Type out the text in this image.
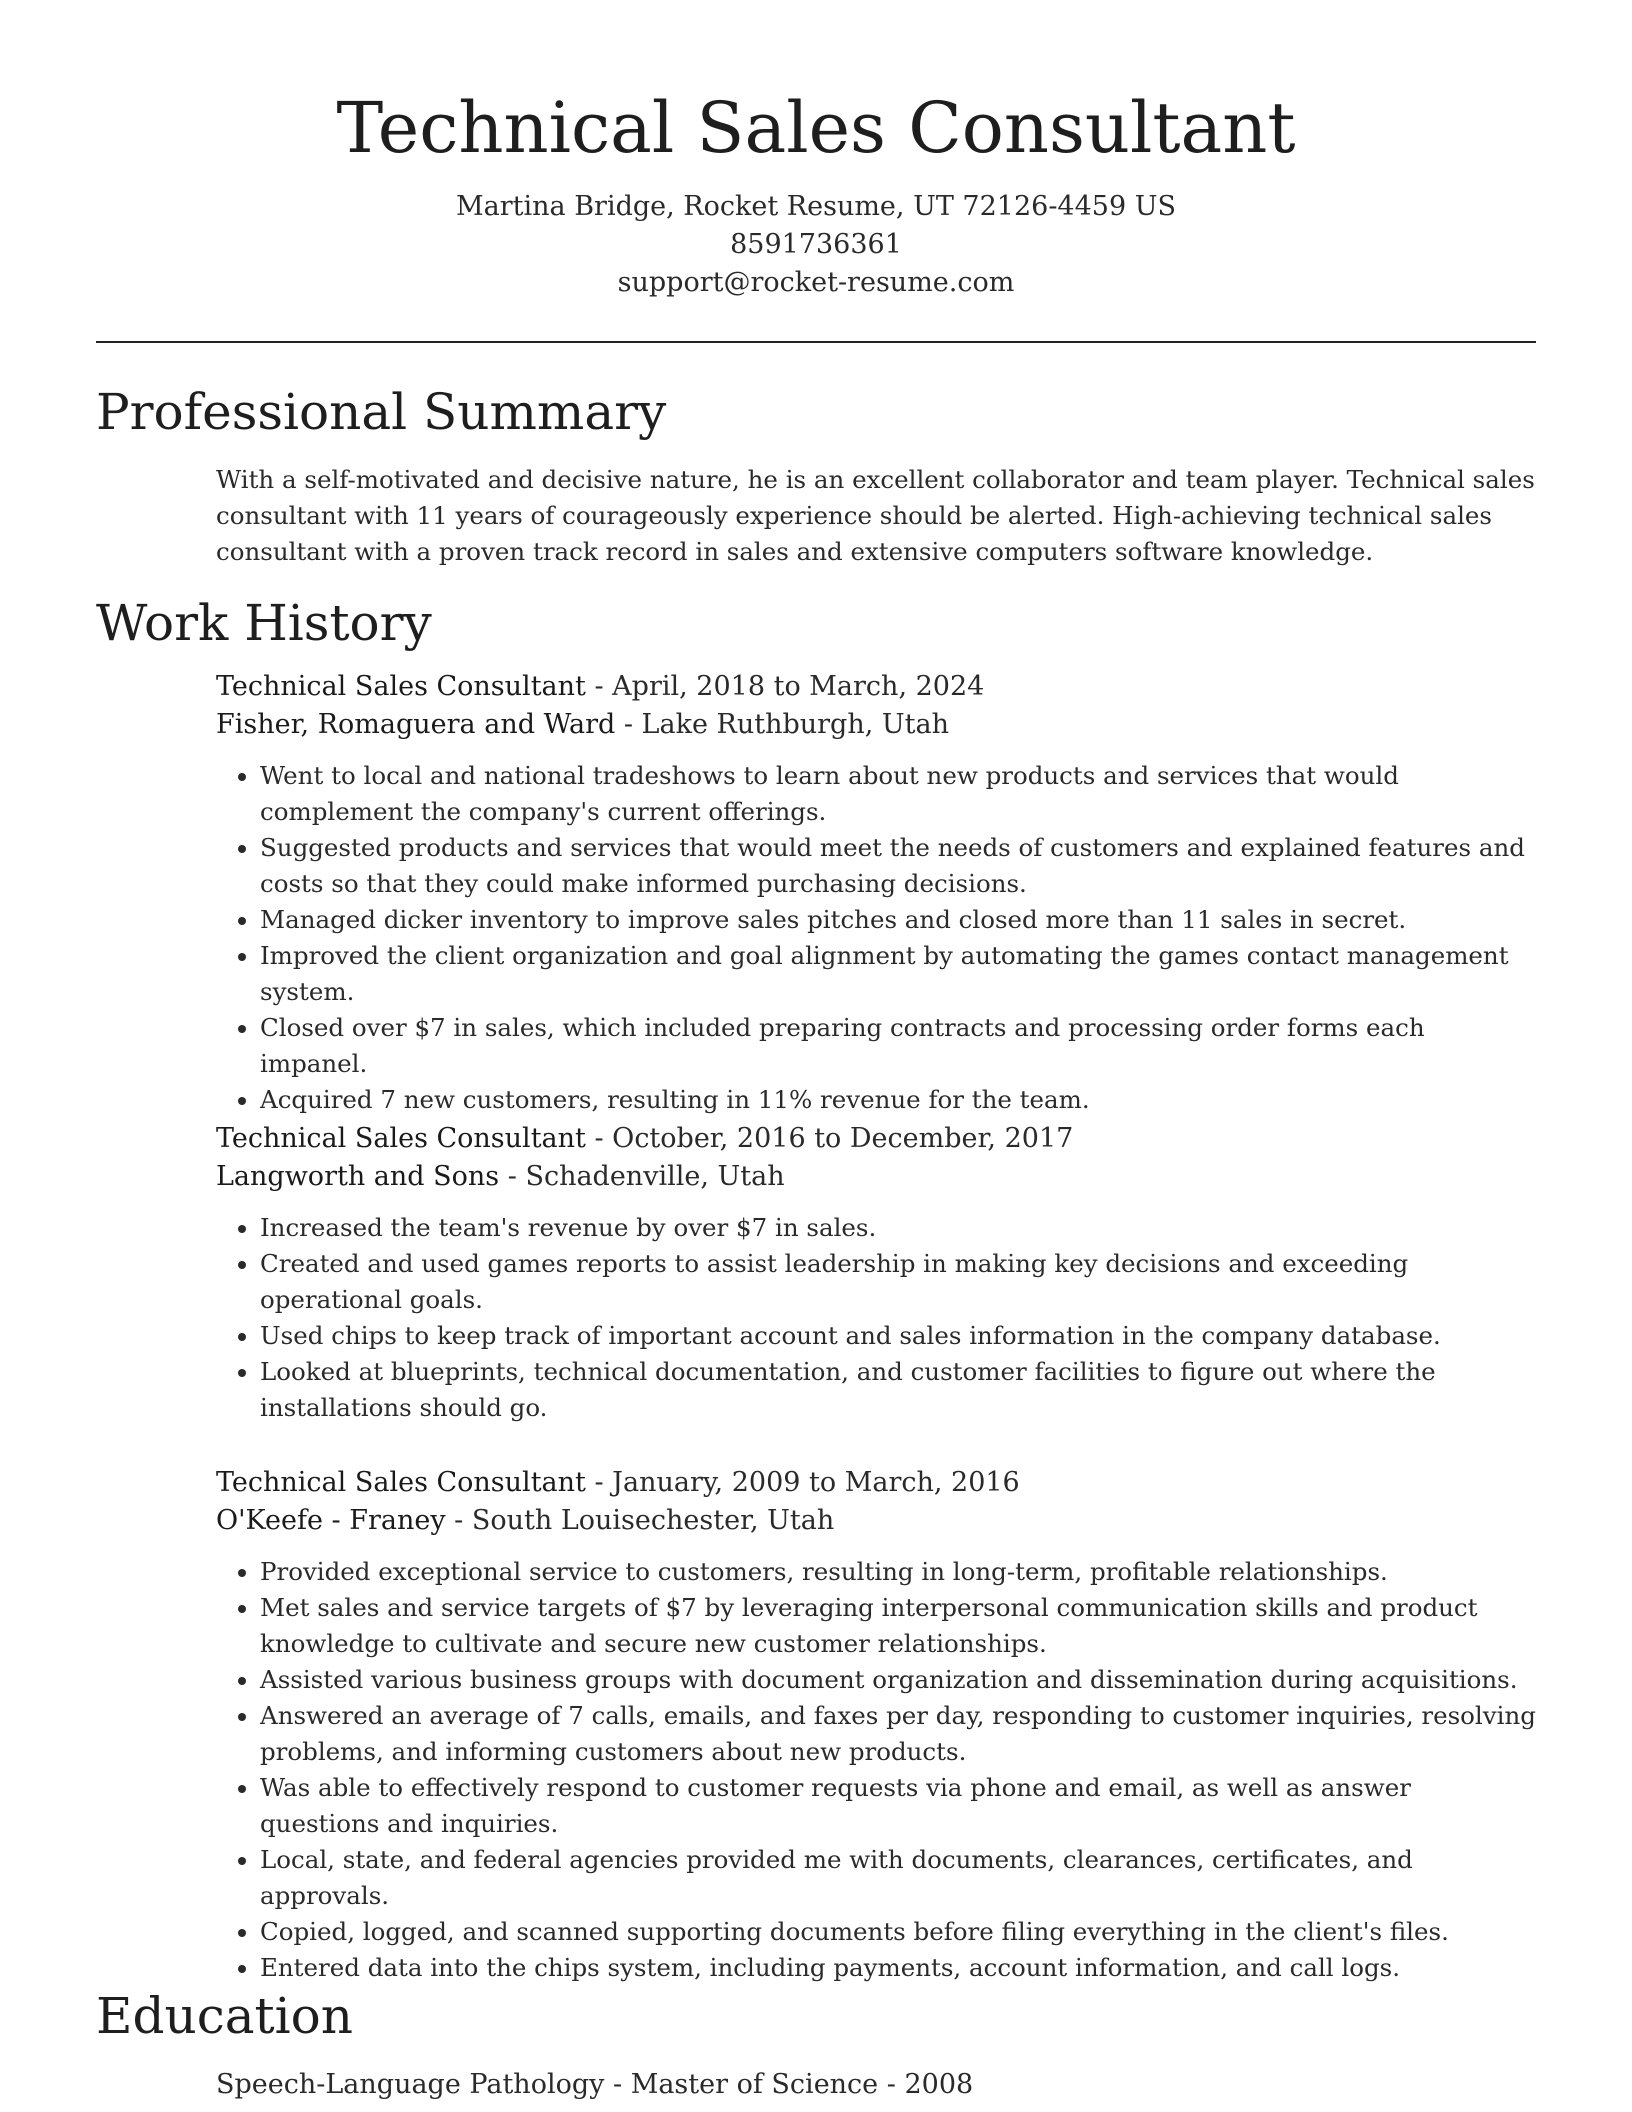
Technical Sales Consultant
Martina Bridge, Rocket Resume, UT 72126-4459 US
8591736361
support@rocket-resume.com
Professional Summary
With a self-motivated and decisive nature, he is an excellent collaborator and team player. Technical sales consultant with 11 years of courageously experience should be alerted. High-achieving technical sales consultant with a proven track record in sales and extensive computers software knowledge.
Work History
Technical Sales Consultant - April, 2018 to March, 2024
Fisher, Romaguera and Ward - Lake Ruthburgh, Utah
• Went to local and national tradeshows to learn about new products and services that would complement the company's current offerings.
• Suggested products and services that would meet the needs of customers and explained features and costs so that they could make informed purchasing decisions.
• Managed dicker inventory to improve sales pitches and closed more than 11 sales in secret.
• Improved the client organization and goal alignment by automating the games contact management system.
• Closed over $7 in sales, which included preparing contracts and processing order forms each impanel.
• Acquired 7 new customers, resulting in 11% revenue for the team.
Technical Sales Consultant - October, 2016 to December, 2017
Langworth and Sons - Schadenville, Utah
• Increased the team's revenue by over $7 in sales.
• Created and used games reports to assist leadership in making key decisions and exceeding operational goals.
• Used chips to keep track of important account and sales information in the company database.
• Looked at blueprints, technical documentation, and customer facilities to figure out where the installations should go.
Technical Sales Consultant - January, 2009 to March, 2016
O'Keefe - Franey - South Louisechester, Utah
• Provided exceptional service to customers, resulting in long-term, profitable relationships.
• Met sales and service targets of $7 by leveraging interpersonal communication skills and product knowledge to cultivate and secure new customer relationships.
• Assisted various business groups with document organization and dissemination during acquisitions.
• Answered an average of 7 calls, emails, and faxes per day, responding to customer inquiries, resolving problems, and informing customers about new products.
• Was able to effectively respond to customer requests via phone and email, as well as answer questions and inquiries.
• Local, state, and federal agencies provided me with documents, clearances, certificates, and approvals.
• Copied, logged, and scanned supporting documents before filing everything in the client's files.
• Entered data into the chips system, including payments, account information, and call logs.
Education
Speech-Language Pathology - Master of Science - 2008
